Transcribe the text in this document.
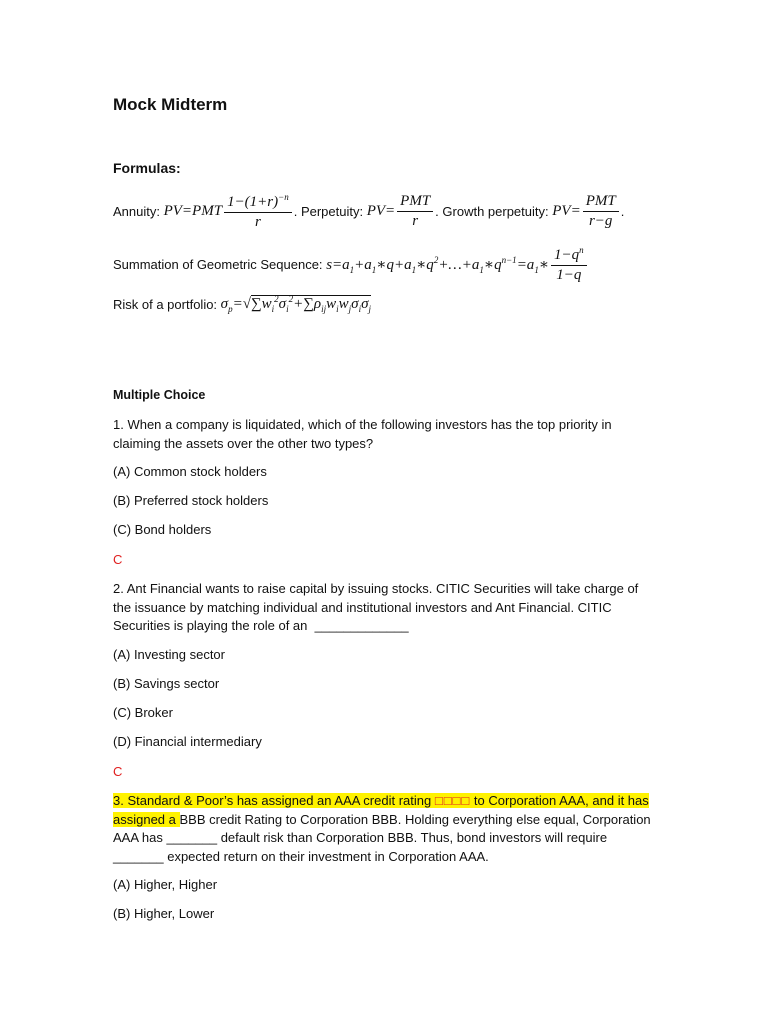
Mock Midterm
Formulas:
Annuity:
$PV=PMT \frac{1-(1+r)^{-n}}{r}$ . Perpetuity:
$PV= \frac{\text{PMT}}{r}$ . Growth perpetuity:
$PV= \frac{\text{PMT}}{r-g}$ .
Summation of Geometric Sequence:
$s=a_1+a_1∗q+a_1∗q^2+\dots+a_1∗q^{n-1}=a_1∗ \frac{1-q^n}{1-q}$
Risk of a portfolio:
$\sigma_p=√\sum w_i^2\sigma_i^2+\sum\rho_{ij}w_iw_j\sigma_i\sigma_j$
Multiple Choice
1. When a company is liquidated, which of the following investors has the top priority in claiming the assets over the other two types?
(A) Common stock holders
(B) Preferred stock holders
(C) Bond holders
C
2. Ant Financial wants to raise capital by issuing stocks. CITIC Securities will take charge of the issuance by matching individual and institutional investors and Ant Financial. CITIC Securities is playing the role of an _____________
(A) Investing sector
(B) Savings sector
(C) Broker
(D) Financial intermediary
C
3. Standard & Poor’s has assigned an AAA credit rating □□□□ to Corporation AAA, and it has assigned a BBB credit Rating to Corporation BBB. Holding everything else equal, Corporation AAA has _______ default risk than Corporation BBB. Thus, bond investors will require _______ expected return on their investment in Corporation AAA.
(A) Higher, Higher
(B) Higher, Lower
